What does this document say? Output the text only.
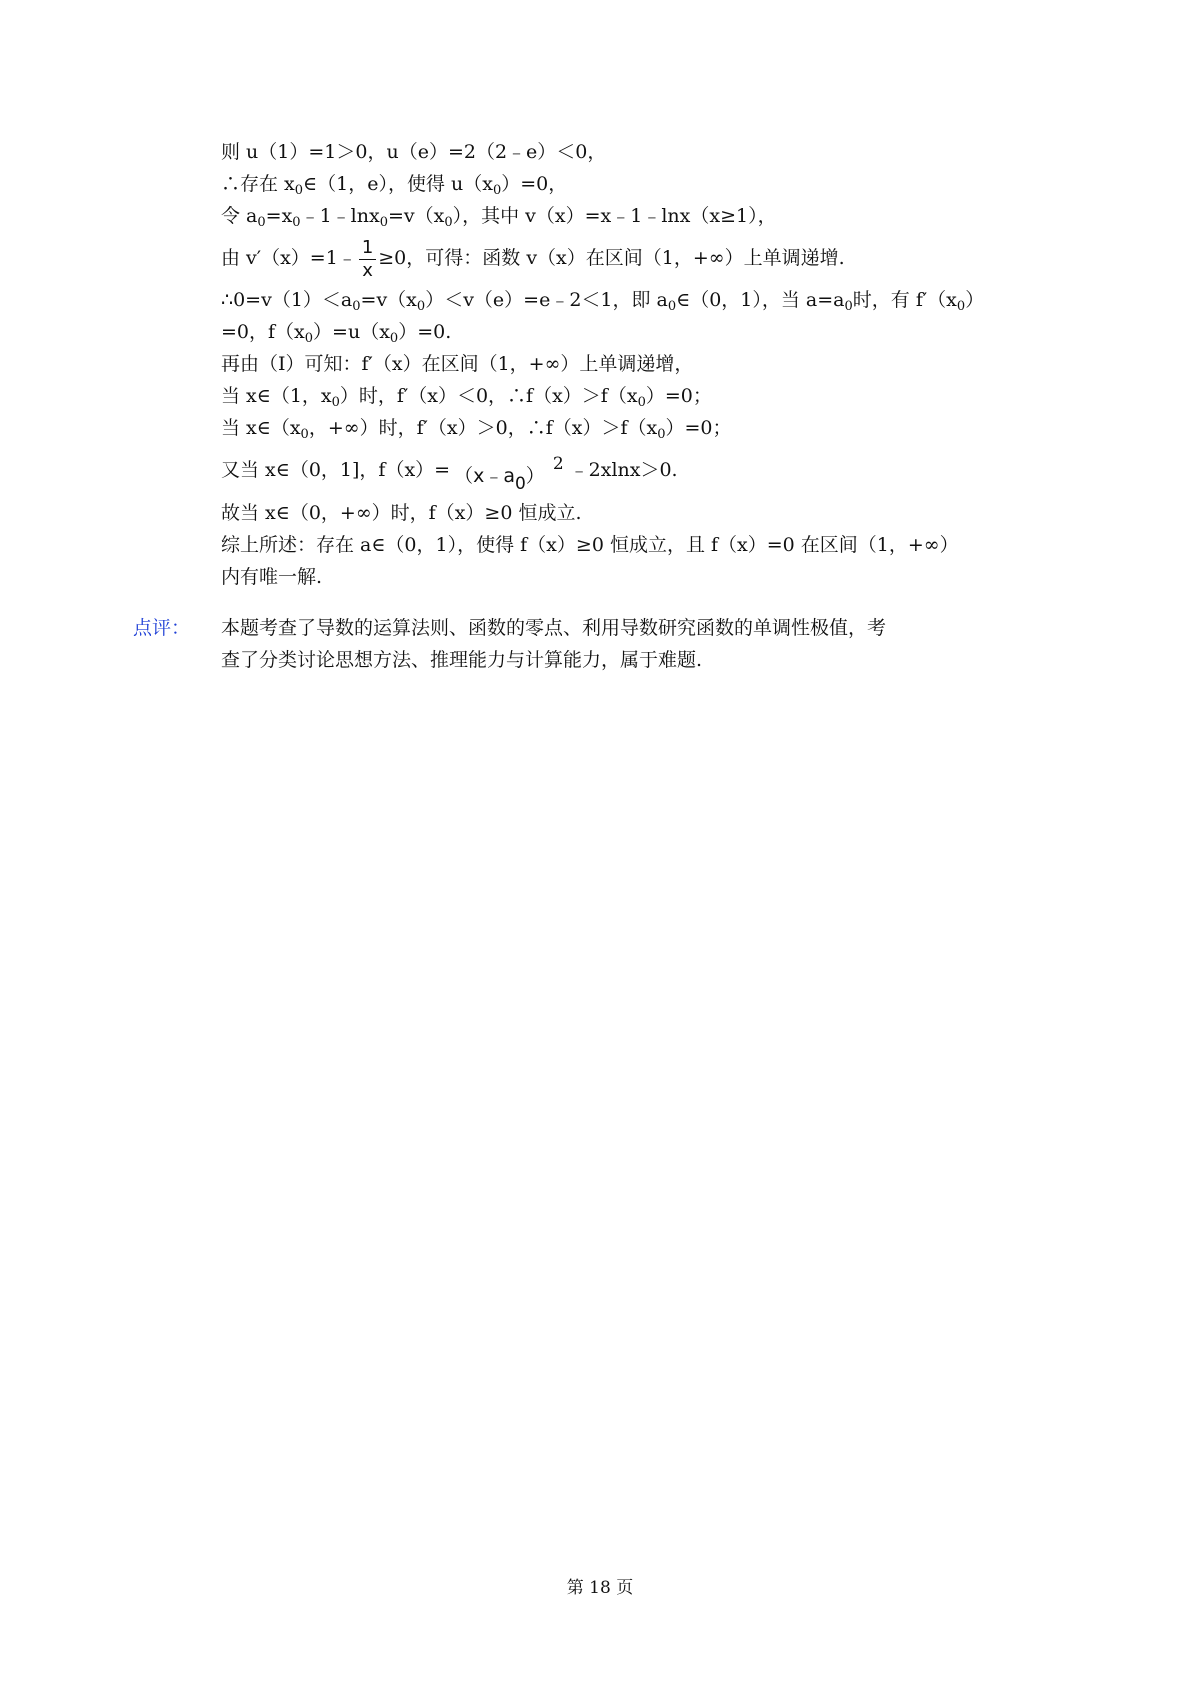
则 u（1）=1＞0，u（e）=2（2﹣e）＜0，
∴存在 $x_0\in(1$，e），使得 $u(x_0)=0$，
令 $a_0=x_0﹣1﹣\ln x_0=v(x_0)$，其中 v（x）=x﹣1﹣lnx（x≥1），
由 v′（x）=1﹣ $\frac{1}{x} \ge 0$，可得：函数 v（x）在区间（1，+∞）上单调递增.
$\therefore 0=v(1)<a_0=v(x_0)<v(e)=e﹣2<1$，即 $a_0\in(0$，1），当 $a=a_0$时，有 $f'(x_0)$
=0，$f(x_0)=u(x_0)=0$.
再由（I）可知：f′（x）在区间（1，+∞）上单调递增，
当 x∈（1，$x_0$）时，f′（x）＜0，$\therefore f(x)>f(x_0)=0$；
当 $x\in(x_0$，+∞）时，f′（x）＞0，$\therefore f(x)>f(x_0)=0$；
又当 x∈（0，1]，$f(x)= (x﹣a_0)2$ ﹣2xlnx＞0.
故当 x∈（0，+∞）时，f（x）≥0 恒成立.
综上所述：存在 a∈（0，1），使得 f（x）≥0 恒成立，且 f（x）=0 在区间（1，+∞）
内有唯一解.
点评： 本题考查了导数的运算法则、函数的零点、利用导数研究函数的单调性极值，考
查了分类讨论思想方法、推理能力与计算能力，属于难题.
第 18 页
